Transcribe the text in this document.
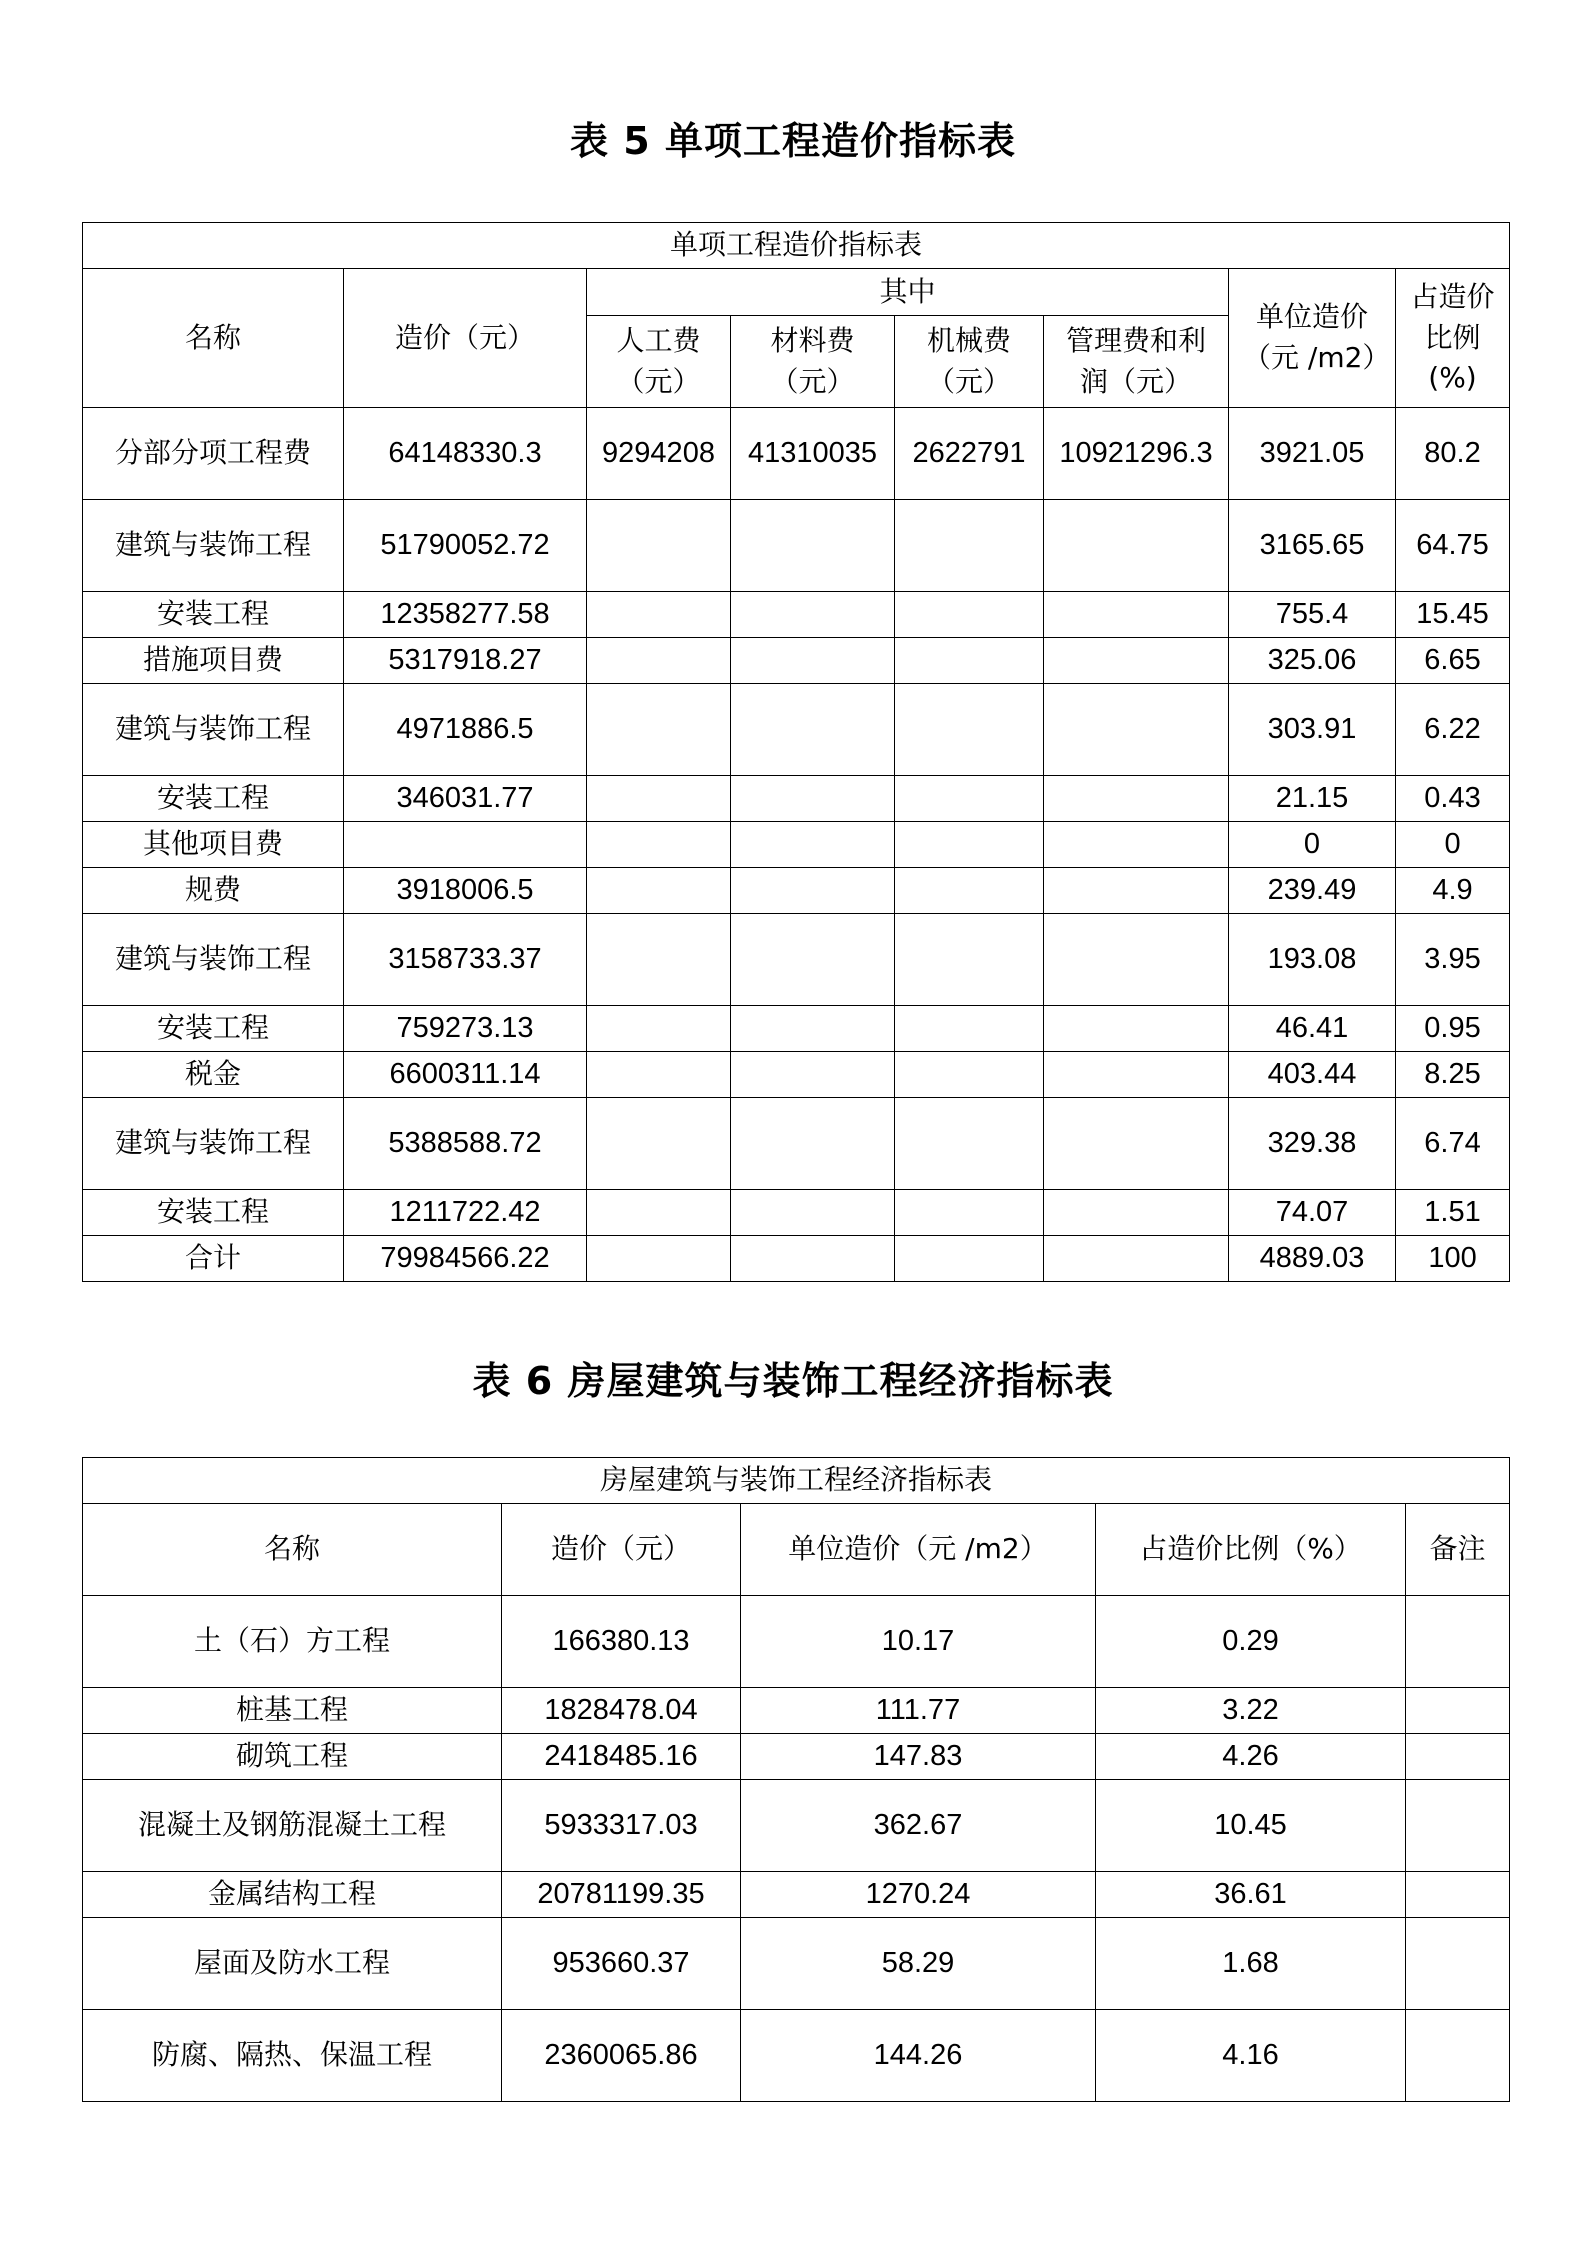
表 5 单项工程造价指标表
单项工程造价指标表							
名称	造价（元）	其中				单位造价（元 /m2）	占造价比例 (%)
		人工费（元）	材料费（元）	机械费（元）	管理费和利润（元）		
分部分项工程费	64148330.3	9294208	41310035	2622791	10921296.3	3921.05	80.2
建筑与装饰工程	51790052.72					3165.65	64.75
安装工程	12358277.58					755.4	15.45
措施项目费	5317918.27					325.06	6.65
建筑与装饰工程	4971886.5					303.91	6.22
安装工程	346031.77					21.15	0.43
其他项目费						0	0
规费	3918006.5					239.49	4.9
建筑与装饰工程	3158733.37					193.08	3.95
安装工程	759273.13					46.41	0.95
税金	6600311.14					403.44	8.25
建筑与装饰工程	5388588.72					329.38	6.74
安装工程	1211722.42					74.07	1.51
合计	79984566.22					4889.03	100
表 6 房屋建筑与装饰工程经济指标表
房屋建筑与装饰工程经济指标表				
名称	造价（元）	单位造价（元 /m2）	占造价比例（%）	备注
土（石）方工程	166380.13	10.17	0.29	
桩基工程	1828478.04	111.77	3.22	
砌筑工程	2418485.16	147.83	4.26	
混凝土及钢筋混凝土工程	5933317.03	362.67	10.45	
金属结构工程	20781199.35	1270.24	36.61	
屋面及防水工程	953660.37	58.29	1.68	
防腐、隔热、保温工程	2360065.86	144.26	4.16	
